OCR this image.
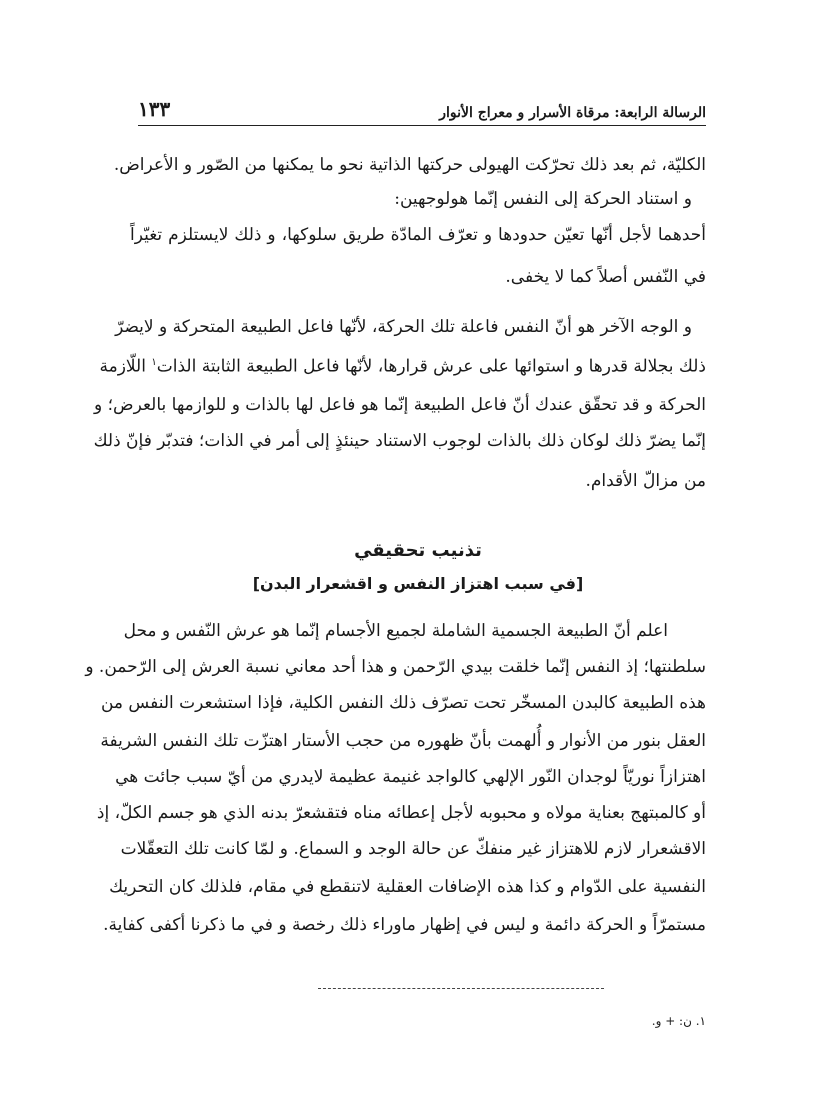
الرسالة الرابعة: مرقاة الأسرار و معراج الأنوار
١٣٣
الكليّة، ثم بعد ذلك تحرّكت الهيولى حركتها الذاتية نحو ما يمكنها من الصّور و الأعراض.
و استناد الحركة إلى النفس إنّما هولوجهين:
أحدهما لأجل أنّها تعيّن حدودها و تعرّف المادّة طريق سلوكها، و ذلك لايستلزم تغيّراً
في النّفس أصلاً كما لا يخفى.
و الوجه الآخر هو أنّ النفس فاعلة تلك الحركة، لأنّها فاعل الطبيعة المتحركة و لايضرّ
ذلك بجلالة قدرها و استوائها على عرش قرارها، لأنّها فاعل الطبيعة الثابتة الذات$^١$ اللّازمة
الحركة و قد تحقّق عندك أنّ فاعل الطبيعة إنّما هو فاعل لها بالذات و للوازمها بالعرض؛ و
إنّما يضرّ ذلك لوكان ذلك بالذات لوجوب الاستناد حينئذٍ إلى أمر في الذات؛ فتدبّر فإنّ ذلك
من مزالّ الأقدام.
تذنيب تحقيقي
[في سبب اهتزاز النفس و اقشعرار البدن]
اعلم أنّ الطبيعة الجسمية الشاملة لجميع الأجسام إنّما هو عرش النّفس و محل
سلطنتها؛ إذ النفس إنّما خلقت بيدي الرّحمن و هذا أحد معاني نسبة العرش إلى الرّحمن. و
هذه الطبيعة كالبدن المسخّر تحت تصرّف ذلك النفس الكلية، فإذا استشعرت النفس من
العقل بنور من الأنوار و أُلهمت بأنّ ظهوره من حجب الأستار اهتزّت تلك النفس الشريفة
اهتزازاً نوريّاً لوجدان النّور الإلهي كالواجد غنيمة عظيمة لايدري من أيّ سبب جائت هي
أو كالمبتهج بعناية مولاه و محبوبه لأجل إعطائه مناه فتقشعرّ بدنه الذي هو جسم الكلّ، إذ
الاقشعرار لازم للاهتزاز غير منفكّ عن حالة الوجد و السماع. و لمّا كانت تلك التعقّلات
النفسية على الدّوام و كذا هذه الإضافات العقلية لاتنقطع في مقام، فلذلك كان التحريك
مستمرّاً و الحركة دائمة و ليس في إظهار ماوراء ذلك رخصة و في ما ذكرنا أكفى كفاية.
١. ن: + و.
